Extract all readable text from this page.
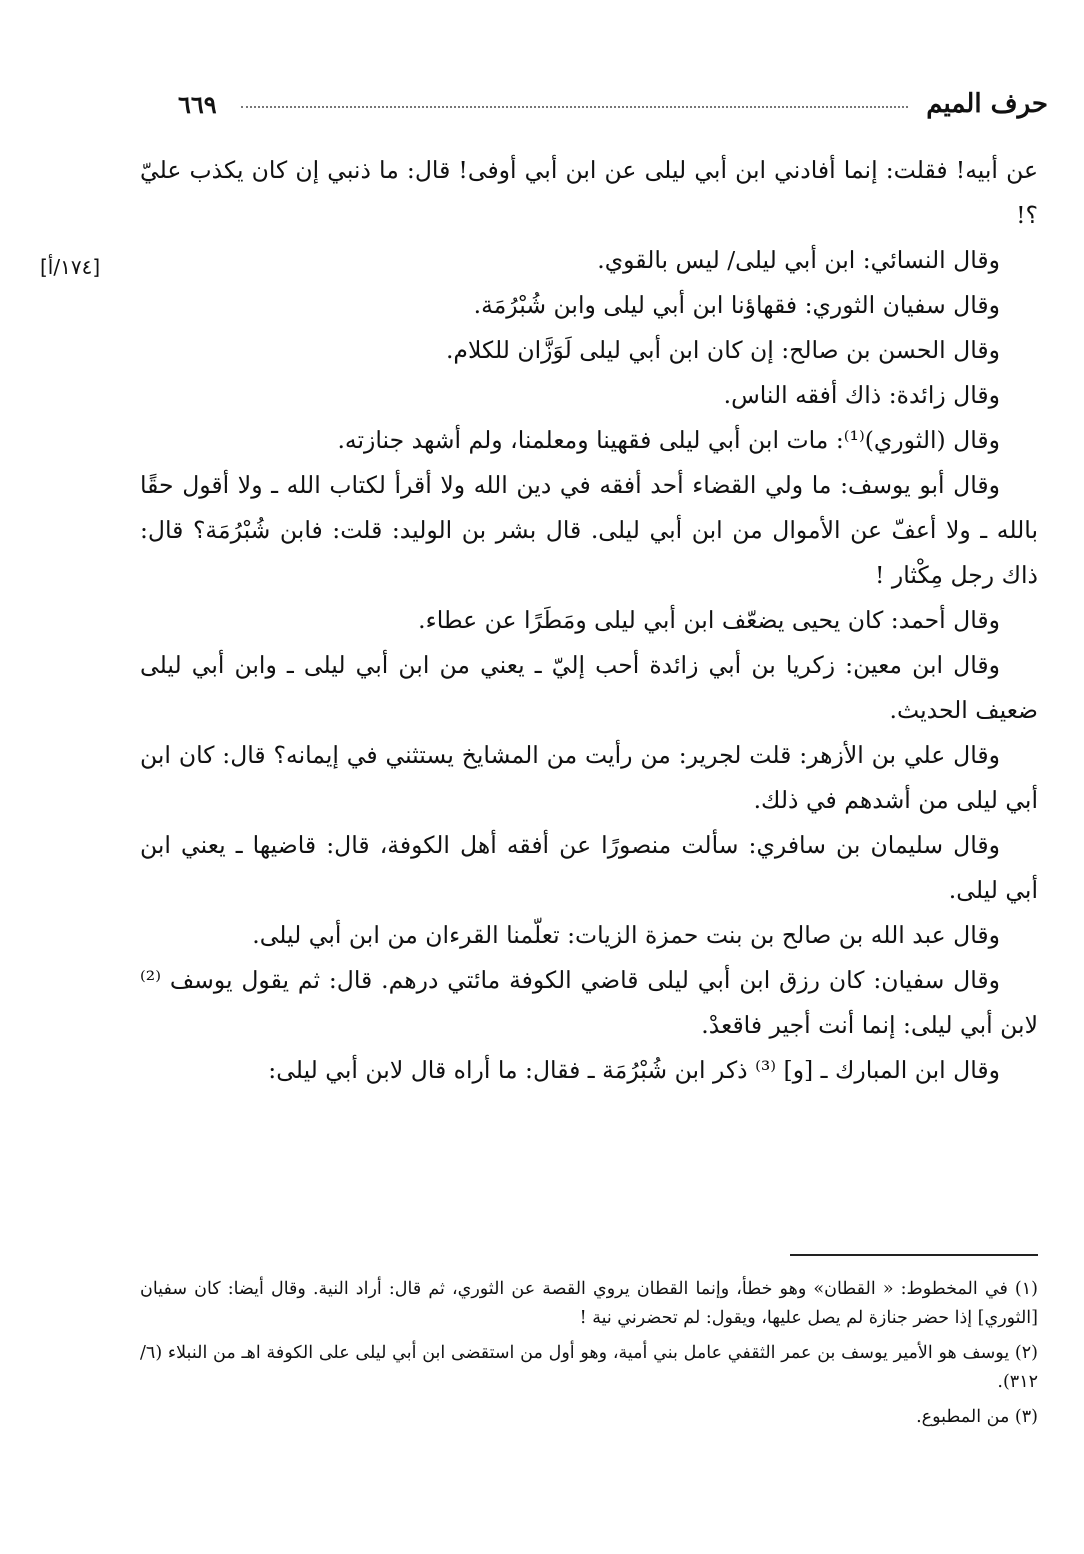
حرف الميم
٦٦٩
[١٧٤/أ]

عن أبيه! فقلت: إنما أفادني ابن أبي ليلى عن ابن أبي أوفى! قال: ما ذنبي إن كان يكذب عليّ ؟!

وقال النسائي: ابن أبي ليلى/ ليس بالقوي.

وقال سفيان الثوري: فقهاؤنا ابن أبي ليلى وابن شُبْرُمَة.

وقال الحسن بن صالح: إن كان ابن أبي ليلى لَوَزَّان للكلام.

وقال زائدة: ذاك أفقه الناس.

وقال (الثوري)⁽¹⁾: مات ابن أبي ليلى فقهينا ومعلمنا، ولم أشهد جنازته.

وقال أبو يوسف: ما ولي القضاء أحد أفقه في دين الله ولا أقرأ لكتاب الله ـ ولا أقول حقًا بالله ـ ولا أعفّ عن الأموال من ابن أبي ليلى. قال بشر بن الوليد: قلت: فابن شُبْرُمَة؟ قال: ذاك رجل مِكْثار !

وقال أحمد: كان يحيى يضعّف ابن أبي ليلى ومَطَرًا عن عطاء.

وقال ابن معين: زكريا بن أبي زائدة أحب إليّ ـ يعني من ابن أبي ليلى ـ وابن أبي ليلى ضعيف الحديث.

وقال علي بن الأزهر: قلت لجرير: من رأيت من المشايخ يستثني في إيمانه؟ قال: كان ابن أبي ليلى من أشدهم في ذلك.

وقال سليمان بن سافري: سألت منصورًا عن أفقه أهل الكوفة، قال: قاضيها ـ يعني ابن أبي ليلى.

وقال عبد الله بن صالح بن بنت حمزة الزيات: تعلّمنا القرءان من ابن أبي ليلى.

وقال سفيان: كان رزق ابن أبي ليلى قاضي الكوفة مائتي درهم. قال: ثم يقول يوسف ⁽²⁾ لابن أبي ليلى: إنما أنت أجير فاقعدْ.

وقال ابن المبارك ـ [و] ⁽³⁾ ذكر ابن شُبْرُمَة ـ فقال: ما أراه قال لابن أبي ليلى:

(١) في المخطوط: « القطان» وهو خطأ، وإنما القطان يروي القصة عن الثوري، ثم قال: أراد النية. وقال أيضا: كان سفيان [الثوري] إذا حضر جنازة لم يصل عليها، ويقول: لم تحضرني نية !

(٢) يوسف هو الأمير يوسف بن عمر الثقفي عامل بني أمية، وهو أول من استقضى ابن أبي ليلى على الكوفة اهـ من النبلاء (٦/ ٣١٢).

(٣) من المطبوع.
